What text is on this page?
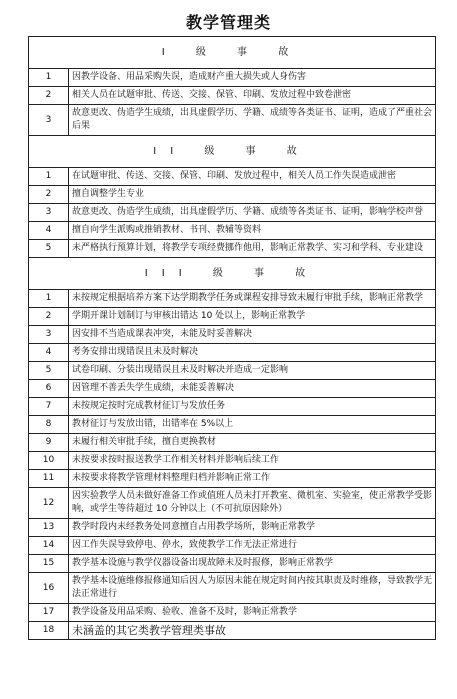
教学管理类
I 级 事 故	
1	因教学设备、用品采购失误，造成财产重大损失或人身伤害
2	相关人员在试题审批、传送、交接、保管、印刷、发放过程中致卷泄密
3	故意更改、伪造学生成绩，出具虚假学历、学籍、成绩等各类证书、证明，造成了严重社会后果
II 级 事 故	
1	在试题审批、传送、交接、保管、印刷、发放过程中，相关人员工作失误造成泄密
2	擅自调整学生专业
3	故意更改、伪造学生成绩，出具虚假学历、学籍、成绩等各类证书、证明，影响学校声誉
4	擅自向学生派购或推销教材、书刊、教辅等资料
5	未严格执行预算计划，将教学专项经费挪作他用，影响正常教学、实习和学科、专业建设
III 级 事 故	
1	未按规定根据培养方案下达学期教学任务或课程安排导致未履行审批手续，影响正常教学
2	学期开课计划制订与审核出错达 10 处以上，影响正常教学
3	因安排不当造成课表冲突，未能及时妥善解决
4	考务安排出现错误且未及时解决
5	试卷印刷、分装出现错误且未及时解决并造成一定影响
6	因管理不善丢失学生成绩，未能妥善解决
7	未按规定按时完成教材征订与发放任务
8	教材征订与发放出错，出错率在 5%以上
9	未履行相关审批手续，擅自更换教材
10	未按要求按时报送教学工作相关材料并影响后续工作
11	未按要求将教学管理材料整理归档并影响正常工作
12	因实验教学人员未做好准备工作或值班人员未打开教室、微机室、实验室，使正常教学受影响，或学生等待超过 10 分钟以上（不可抗原因除外）
13	教学时段内未经教务处同意擅自占用教学场所，影响正常教学
14	因工作失误导致停电、停水，致使教学工作无法正常进行
15	教学基本设施与教学仪器设备出现故障未及时报修，影响正常教学
16	教学基本设施维修报修通知后因人为原因未能在规定时间内按其职责及时维修，导致教学无法正常进行
17	教学设备及用品采购、验收、准备不及时，影响正常教学
18	未涵盖的其它类教学管理类事故
